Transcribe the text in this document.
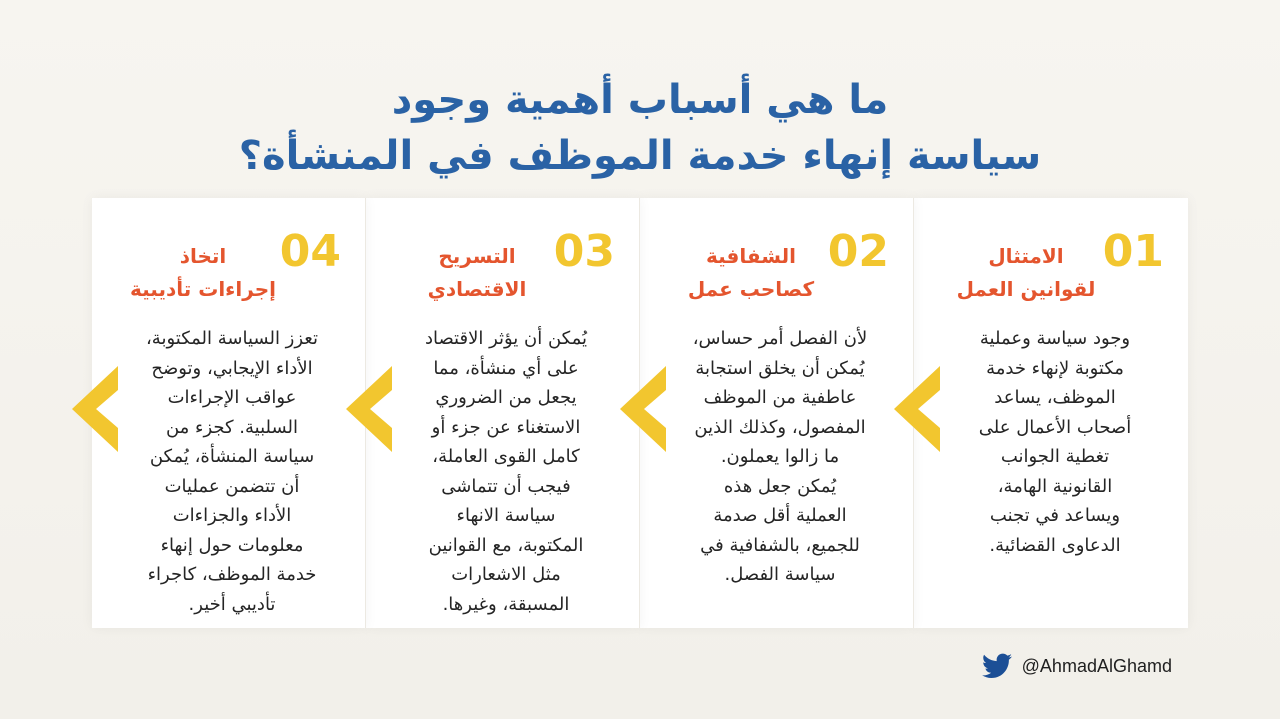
ما هي أسباب أهمية وجود
سياسة إنهاء خدمة الموظف في المنشأة؟
01
الامتثال
لقوانين العمل
وجود سياسة وعملية
مكتوبة لإنهاء خدمة
الموظف، يساعد
أصحاب الأعمال على
تغطية الجوانب
القانونية الهامة،
ويساعد في تجنب
الدعاوى القضائية.
02
الشفافية
كصاحب عمل
لأن الفصل أمر حساس،
يُمكن أن يخلق استجابة
عاطفية من الموظف
المفصول، وكذلك الذين
ما زالوا يعملون.
يُمكن جعل هذه
العملية أقل صدمة
للجميع، بالشفافية في
سياسة الفصل.
03
التسريح
الاقتصادي
يُمكن أن يؤثر الاقتصاد
على أي منشأة، مما
يجعل من الضروري
الاستغناء عن جزء أو
كامل القوى العاملة،
فيجب أن تتماشى
سياسة الانهاء
المكتوبة، مع القوانين
مثل الاشعارات
المسبقة، وغيرها.
04
اتخاذ
إجراءات تأديبية
تعزز السياسة المكتوبة،
الأداء الإيجابي، وتوضح
عواقب الإجراءات
السلبية. كجزء من
سياسة المنشأة، يُمكن
أن تتضمن عمليات
الأداء والجزاءات
معلومات حول إنهاء
خدمة الموظف، كاجراء
تأديبي أخير.
@AhmadAlGhamd
